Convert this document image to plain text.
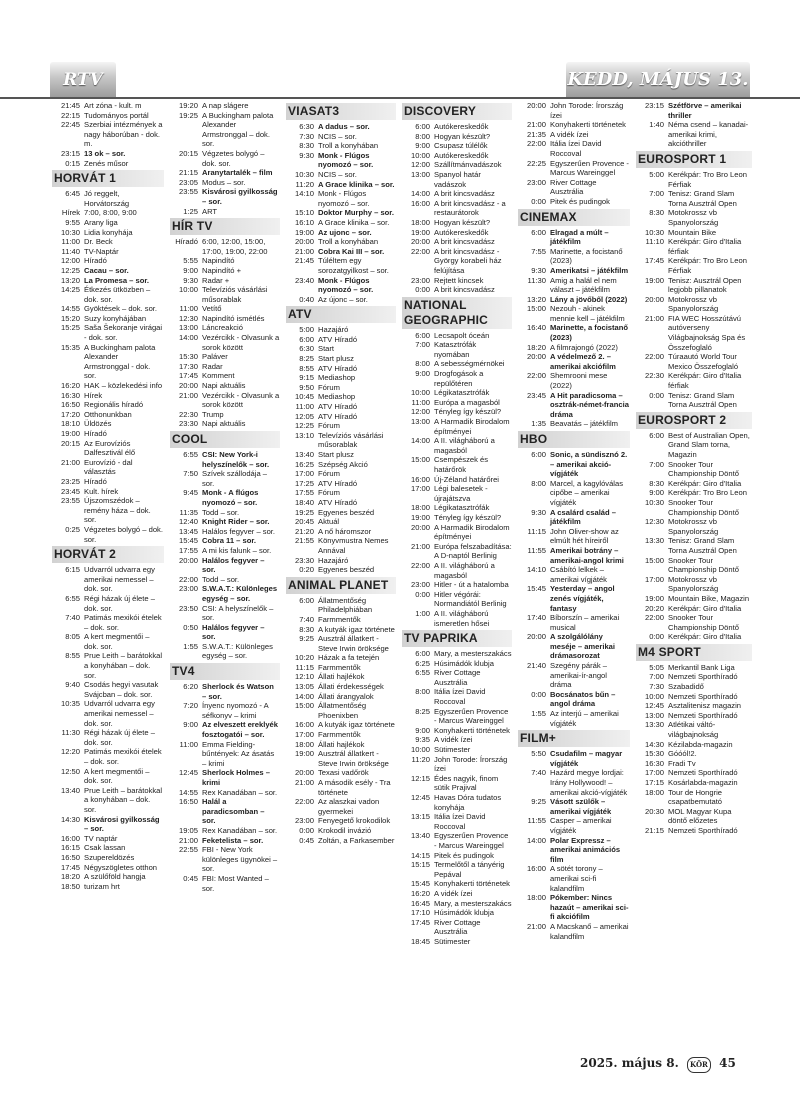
RTV	KEDD, MÁJUS 13.
21:45 Art zóna - kult. m
22:15 Tudományos portál
22:45 Szerbiai intézmények a nagy háborúban - dok. m.
23:15 13 ok – sor.
0:15 Zenés műsor
HORVÁT 1
6:45 Jó reggelt, Horvátország
Hírek 7:00, 8:00, 9:00
9:55 Arany liga
10:30 Lidia konyhája
11:00 Dr. Beck
11:40 TV-Naptár
12:00 Híradó
12:25 Cacau – sor.
13:20 La Promesa – sor.
14:25 Étkezés ütközben – dok. sor.
14:55 Gyöktések – dok. sor.
15:20 Suzy konyhájában
15:25 Saša Šekoranje virágai - dok. sor.
15:35 A Buckingham palota Alexander Armstronggal - dok. sor.
16:20 HAK – közlekedési info
16:30 Hírek
16:50 Regionális híradó
17:20 Otthonunkban
18:10 Üldözés
19:00 Híradó
20:15 Az Eurovíziós Dalfesztivál élő
21:00 Eurovízió - dal választás
23:25 Híradó
23:45 Kult. hírek
23:55 Újszomszédok – remény háza – dok. sor.
0:25 Végzetes bolygó – dok. sor.
HORVÁT 2
6:15 Udvarról udvarra egy amerikai nemessel – dok. sor.
6:55 Régi házak új élete – dok. sor.
7:40 Patimás mexikói ételek – dok. sor.
8:05 A kert megmentői – dok. sor.
8:55 Prue Leith – barátokkal a konyhában – dok. sor.
9:40 Csodás hegyi vasutak Svájcban – dok. sor.
10:35 Udvarról udvarra egy amerikai nemessel – dok. sor.
11:30 Régi házak új élete – dok. sor.
12:20 Patimás mexikói ételek – dok. sor.
12:50 A kert megmentői – dok. sor.
13:40 Prue Leith – barátokkal a konyhában – dok. sor.
14:30 Kisvárosi gyilkosság – sor.
16:00 TV naptár
16:15 Csak lassan
16:50 Szupereldözés
17:45 Négyszögletes otthon
18:20 A szülőföld hangja
18:50 turizam hrt
19:20 A nap slágere
19:25 A Buckingham palota Alexander Armstronggal – dok. sor.
20:15 Végzetes bolygó – dok. sor.
21:15 Aranytartalék – film
23:05 Modus – sor.
23:55 Kisvárosi gyilkosság – sor.
1:25 ART
HÍR TV
Híradó 6:00, 12:00, 15:00, 17:00, 19:00, 22:00
5:55 Napindító
9:00 Napindító +
9:30 Radar +
10:00 Televíziós vásárlási műsorablak
11:00 Vetítő
12:30 Napindító ismétlés
13:00 Láncreakció
14:00 Vezércikk - Olvasunk a sorok között
15:30 Paláver
17:30 Radar
17:45 Komment
20:00 Napi aktuális
21:00 Vezércikk - Olvasunk a sorok között
22:30 Trump
23:30 Napi aktuális
COOL
6:55 CSI: New York-i helyszínelők – sor.
7:50 Szívek szállodája – sor.
9:45 Monk - A flúgos nyomozó – sor.
11:35 Todd – sor.
12:40 Knight Rider – sor.
13:45 Halálos fegyver – sor.
15:45 Cobra 11 – sor.
17:55 A mi kis falunk – sor.
20:00 Halálos fegyver – sor.
22:00 Todd – sor.
23:00 S.W.A.T.: Különleges egység – sor.
23:50 CSI: A helyszínelők – sor.
0:50 Halálos fegyver – sor.
1:55 S.W.A.T.: Különleges egység – sor.
TV4
6:20 Sherlock és Watson – sor.
7:20 Ínyenc nyomozó - A séfkonyv – krimi
9:00 Az elveszett ereklyék fosztogatói – sor.
11:00 Emma Fielding-bűntények: Az ásatás – krimi
12:45 Sherlock Holmes – krimi
14:55 Rex Kanadában – sor.
16:50 Halál a paradicsomban – sor.
19:05 Rex Kanadában – sor.
21:00 Feketelista – sor.
22:55 FBI - New York különleges ügynökei – sor.
0:45 FBI: Most Wanted – sor.
VIASAT3
6:30 A dadus – sor.
7:30 NCIS – sor.
8:30 Troll a konyhában
9:30 Monk - Flúgos nyomozó – sor.
10:30 NCIS – sor.
11:20 A Grace klinika – sor.
14:10 Monk - Flúgos nyomozó – sor.
15:10 Doktor Murphy – sor.
16:10 A Grace klinika – sor.
19:00 Az ujonc – sor.
20:00 Troll a konyhában
21:00 Cobra Kai III – sor.
21:45 Túléltem egy sorozatgyilkost – sor.
23:40 Monk - Flúgos nyomozó – sor.
0:40 Az újonc – sor.
ATV
5:00 Hazajáró
6:00 ATV Híradó
6:30 Start
8:25 Start plusz
8:55 ATV Híradó
9:15 Mediashop
9:50 Fórum
10:45 Mediashop
11:00 ATV Híradó
12:05 ATV Híradó
12:25 Fórum
13:10 Televíziós vásárlási műsorablak
13:40 Start plusz
16:25 Szépség Akció
17:00 Fórum
17:25 ATV Híradó
17:55 Fórum
18:40 ATV Híradó
19:25 Egyenes beszéd
20:45 Aktuál
21:20 A nő háromszor
21:55 Könyvmustra Nemes Annával
23:30 Hazajáró
0:20 Egyenes beszéd
ANIMAL PLANET
6:00 Állatmentőség Philadelphiában
7:40 Farmmentők
8:30 A kutyák igaz története
9:25 Ausztrál állatkert - Steve Irwin öröksége
10:20 Házak a fa tetején
11:15 Farmmentők
12:10 Állati hajlékok
13:05 Állati érdekességek
14:00 Állati árangyalok
15:00 Állatmentőség Phoenixben
16:00 A kutyák igaz története
17:00 Farmmentők
18:00 Állati hajlékok
19:00 Ausztrál állatkert - Steve Irwin öröksége
20:00 Texasi vadőrök
21:00 A második esély - Tra története
22:00 Az alaszkai vadon gyermekei
23:00 Fenyegető krokodilok
0:00 Krokodil inváziό
0:45 Zoltán, a Farkasember
DISCOVERY
6:00 Autókereskedők
8:00 Hogyan készült?
9:00 Csupasz túlélők
10:00 Autókereskedők
12:00 Szállítmánvadászok
13:00 Spanyol határ vadászok
14:00 A brit kincsvadász
16:00 A brit kincsvadász - a restaurátorok
18:00 Hogyan készült?
19:00 Autókereskedők
20:00 A brit kincsvadász
22:00 A brit kincsvadász - György korabeli ház felújítása
23:00 Rejtett kincsek
0:00 A brit kincsvadász
NATIONAL GEOGRAPHIC
6:00 Lecsapolt óceán
7:00 Katasztrófák nyomában
8:00 A sebességmérnökei
9:00 Drogfogások a repülőtéren
10:00 Légikatasztrófák
11:00 Európa a magasból
12:00 Tényleg így készül?
13:00 A Harmadik Birodalom építményei
14:00 A II. világháború a magasból
15:00 Csempészek és határőrök
16:00 Új-Zéland határőrei
17:00 Légi balesetek - újrajátszva
18:00 Légikatasztrófák
19:00 Tényleg így készül?
20:00 A Harmadik Birodalom építményei
21:00 Európa felszabadítása: A D-naptól Berlinig
22:00 A II. világháború a magasból
23:00 Hitler - út a hatalomba
0:00 Hitler végórái: Normandiától Berlinig
1:00 A II. világháború ismeretlen hősei
TV PAPRIKA
6:00 Mary, a mesterszakács
6:25 Húsimádók klubja
6:55 River Cottage Ausztrália
8:00 Itália ízei David Roccoval
8:25 Egyszerűen Provence - Marcus Wareinggel
9:00 Konyhakerti történetek
9:35 A vidék ízei
10:00 Sütimester
11:20 John Torode: Írország ízei
12:15 Édes nagyik, finom sütik Prajival
12:45 Havas Dóra tudatos konyhája
13:15 Itália ízei David Roccoval
13:40 Egyszerűen Provence - Marcus Wareinggel
14:15 Pitek és pudingok
15:15 Termelőtől a tányérig Pepával
15:45 Konyhakerti történetek
16:20 A vidék ízei
16:45 Mary, a mesterszakács
17:10 Húsimádók klubja
17:45 River Cottage Ausztrália
18:45 Sütimester
20:00 John Torode: Írország ízei
21:00 Konyhakerti történetek
21:35 A vidék ízei
22:00 Itália ízei David Roccoval
22:25 Egyszerűen Provence - Marcus Wareinggel
23:00 River Cottage Ausztrália
0:00 Pitek és pudingok
CINEMAX
6:00 Elragad a múlt – játékfilm
7:55 Marinette, a focistanő (2023)
9:30 Amerikatsi – játékfilm
11:30 Amig a halál el nem választ – játékfilm
13:20 Lány a jövőből (2022)
15:00 Nezouh - akinek mennie kell – játékfilm
16:40 Marinette, a focistanő (2023)
18:20 A filmrajongó (2022)
20:00 A védelmező 2. – amerikai akciófilm
22:00 Shemrooni mese (2022)
23:45 A Hit paradicsoma – osztrák-német-francia dráma
1:35 Beavatás – játékfilm
HBO
6:00 Sonic, a sündisznó 2. – amerikai akció-vígjáték
8:00 Marcel, a kagylóválas cipőbe – amerikai vígjáték
9:30 A csalárd család – játékfilm
11:15 John Oliver-show az elmúlt hét híreiről
11:55 Amerikai botrány – amerikai-angol krimi
14:10 Csábító lelkek – amerikai vígjáték
15:45 Yesterday – angol zenés vígjáték, fantasy
17:40 Bíborszín – amerikai musical
20:00 A szolgálólány meséje – amerikai drámasorozat
21:40 Szegény párák – amerikai-ír-angol dráma
0:00 Bocsánatos bűn – angol dráma
1:55 Az interjú – amerikai vígjáték
FILM+
5:50 Csudafilm – magyar vígjáték
7:40 Hazárd megye lordjai: Irány Hollywood! – amerikai akció-vígjáték
9:25 Vásott szülők – amerikai vígjáték
11:55 Casper – amerikai vígjáték
14:00 Polar Expressz – amerikai animációs film
16:00 A sötét torony – amerikai sci-fi kalandfilm
18:00 Pókember: Nincs hazaút – amerikai sci-fi akciófilm
21:00 A Macskanő – amerikai kalandfilm
23:15 Szétförve – amerikai thriller
1:40 Néma csend – kanadai-amerikai krimi, akcióthriller
EUROSPORT 1
5:00 Kerékpár: Tro Bro Leon Férfiak
7:00 Tenisz: Grand Slam Torna Ausztrál Open
8:30 Motokrossz vb Spanyolország
10:30 Mountain Bike
11:10 Kerékpár: Giro d'Italia férfiak
17:45 Kerékpár: Tro Bro Leon Férfiak
19:00 Tenisz: Ausztrál Open legjobb pillanatok
20:00 Motokrossz vb Spanyolország
21:00 FIA WEC Hosszútávú autóverseny Világbajnokság Spa és Összefoglaló
22:00 Túraautó World Tour Mexico Összefoglaló
22:30 Kerékpár: Giro d'Italia férfiak
0:00 Tenisz: Grand Slam Torna Ausztrál Open
EUROSPORT 2
6:00 Best of Australian Open, Grand Slam torna, Magazin
7:00 Snooker Tour Championship Döntő
8:30 Kerékpár: Giro d'Italia
9:00 Kerékpár: Tro Bro Leon
10:30 Snooker Tour Championship Döntő
12:30 Motokrossz vb Spanyolország
13:30 Tenisz: Grand Slam Torna Ausztrál Open
15:00 Snooker Tour Championship Döntő
17:00 Motokrossz vb Spanyolország
19:00 Mountain Bike, Magazin
20:20 Kerékpár: Giro d'Italia
22:00 Snooker Tour Championship Döntő
0:00 Kerékpár: Giro d'Italia
M4 SPORT
5:05 Merkantil Bank Liga
7:00 Nemzeti Sporthíradó
7:30 Szabadidő
10:00 Nemzeti Sporthíradó
12:45 Asztalitenisz magazin
13:00 Nemzeti Sporthíradó
13:30 Atlétikai váltó-világbajnokság
14:30 Kézilabda-magazin
15:30 Góóól!2.
16:30 Fradi Tv
17:00 Nemzeti Sporthíradó
17:15 Kosárlabda-magazin
18:00 Tour de Hongrie csapatbemutató
20:30 MOL Magyar Kupa döntő előzetes
21:15 Nemzeti Sporthíradó
2025. május 8. KÖR 45
